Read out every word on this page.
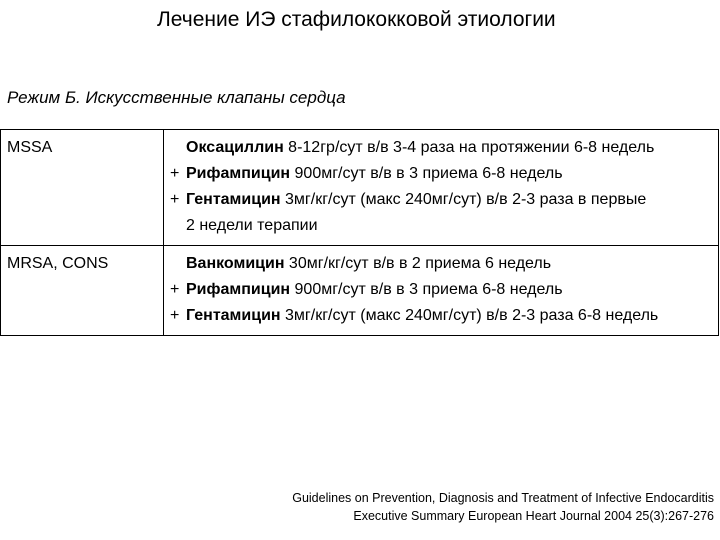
Лечение ИЭ стафилококковой этиологии
Режим Б. Искусственные клапаны сердца
MSSA	Оксациллин 8-12гр/сут в/в 3-4 раза на протяжении 6-8 недель
+ Рифампицин 900мг/сут в/в в 3 приема 6-8 недель
+ Гентамицин 3мг/кг/сут (макс 240мг/сут) в/в 2-3 раза в первые
2 недели терапии

MRSA, CONS	Ванкомицин 30мг/кг/сут в/в в 2 приема 6 недель
+ Рифампицин 900мг/сут в/в в 3 приема 6-8 недель
+ Гентамицин 3мг/кг/сут (макс 240мг/сут) в/в 2-3 раза 6-8 недель
Guidelines on Prevention, Diagnosis and Treatment of Infective Endocarditis
Executive Summary European Heart Journal 2004 25(3):267-276
